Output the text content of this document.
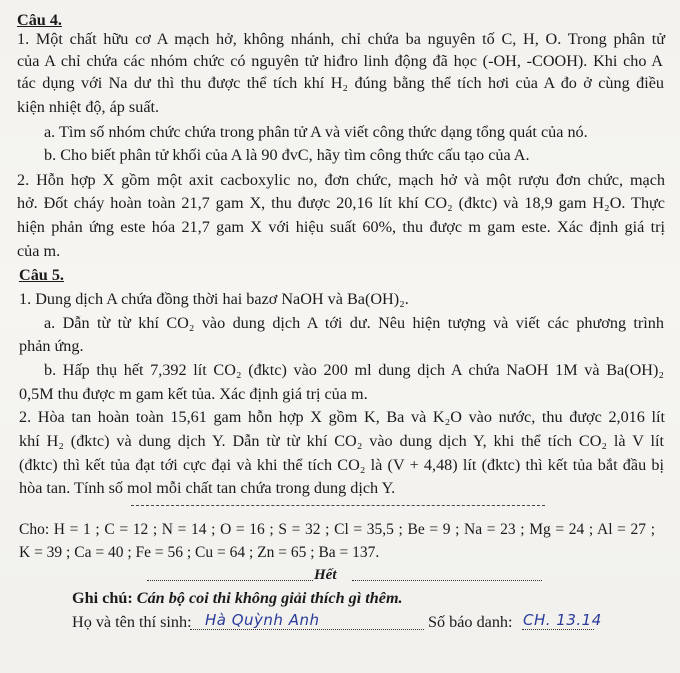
Câu 4.
1. Một chất hữu cơ A mạch hở, không nhánh, chỉ chứa ba nguyên tố C, H, O. Trong phân tử
của A chỉ chứa các nhóm chức có nguyên tử hiđro linh động đã học (-OH, -COOH). Khi cho A
tác dụng với Na dư thì thu được thể tích khí H₂ đúng bằng thể tích hơi của A đo ở cùng điều
kiện nhiệt độ, áp suất.
a. Tìm số nhóm chức chứa trong phân tử A và viết công thức dạng tổng quát của nó.
b. Cho biết phân tử khối của A là 90 đvC, hãy tìm công thức cấu tạo của A.
2. Hỗn hợp X gồm một axit cacboxylic no, đơn chức, mạch hở và một rượu đơn chức, mạch
hở. Đốt cháy hoàn toàn 21,7 gam X, thu được 20,16 lít khí CO₂ (đktc) và 18,9 gam H₂O. Thực
hiện phản ứng este hóa 21,7 gam X với hiệu suất 60%, thu được m gam este. Xác định giá trị
của m.
Câu 5.
1. Dung dịch A chứa đồng thời hai bazơ NaOH và Ba(OH)₂.
a. Dẫn từ từ khí CO₂ vào dung dịch A tới dư. Nêu hiện tượng và viết các phương trình
phản ứng.
b. Hấp thụ hết 7,392 lít CO₂ (đktc) vào 200 ml dung dịch A chứa NaOH 1M và Ba(OH)₂
0,5M thu được m gam kết tủa. Xác định giá trị của m.
2. Hòa tan hoàn toàn 15,61 gam hỗn hợp X gồm K, Ba và K₂O vào nước, thu được 2,016 lít
khí H₂ (đktc) và dung dịch Y. Dẫn từ từ khí CO₂ vào dung dịch Y, khi thể tích CO₂ là V lít
(đktc) thì kết tủa đạt tới cực đại và khi thể tích CO₂ là (V + 4,48) lít (đktc) thì kết tủa bắt đầu bị
hòa tan. Tính số mol mỗi chất tan chứa trong dung dịch Y.
Cho: H = 1 ; C = 12 ; N = 14 ; O = 16 ; S = 32 ; Cl = 35,5 ; Be = 9 ; Na = 23 ; Mg = 24 ; Al = 27 ;
K = 39 ; Ca = 40 ; Fe = 56 ; Cu = 64 ; Zn = 65 ; Ba = 137.
Hết
Ghi chú: Cán bộ coi thi không giải thích gì thêm.
Họ và tên thí sinh: Hà Quỳnh Anh	Số báo danh: CH. 13.14
